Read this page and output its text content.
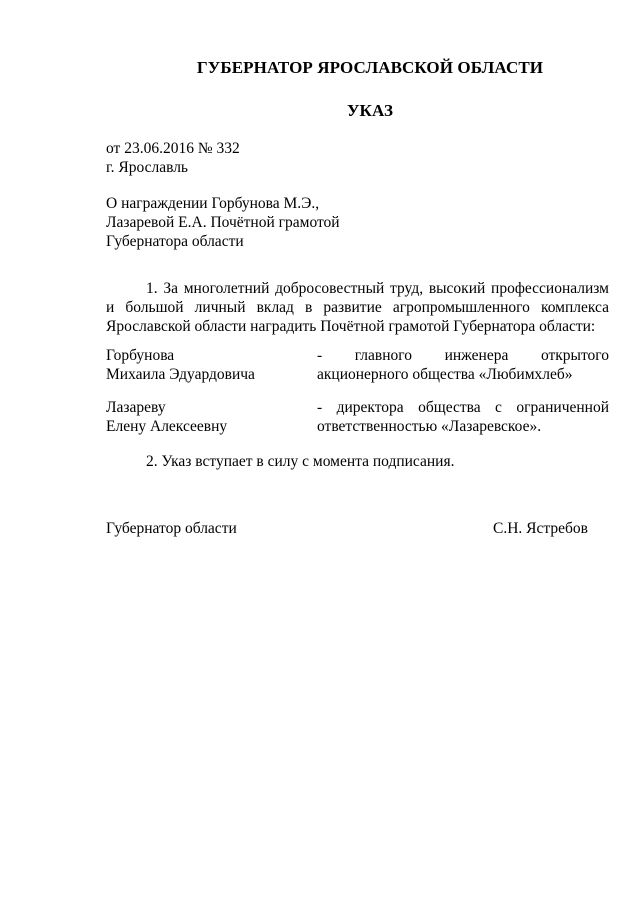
ГУБЕРНАТОР ЯРОСЛАВСКОЙ ОБЛАСТИ
УКАЗ
от 23.06.2016 № 332
г. Ярославль
О награждении Горбунова М.Э.,
Лазаревой Е.А. Почётной грамотой
Губернатора области
1. За многолетний добросовестный труд, высокий профессионализм и большой личный вклад в развитие агропромышленного комплекса Ярославской области наградить Почётной грамотой Губернатора области:
Горбунова
Михаила Эдуардовича
- главного инженера открытого акционерного общества «Любимхлеб»
Лазареву
Елену Алексеевну
- директора общества с ограниченной ответственностью «Лазаревское».
2. Указ вступает в силу с момента подписания.
Губернатор области	С.Н. Ястребов
